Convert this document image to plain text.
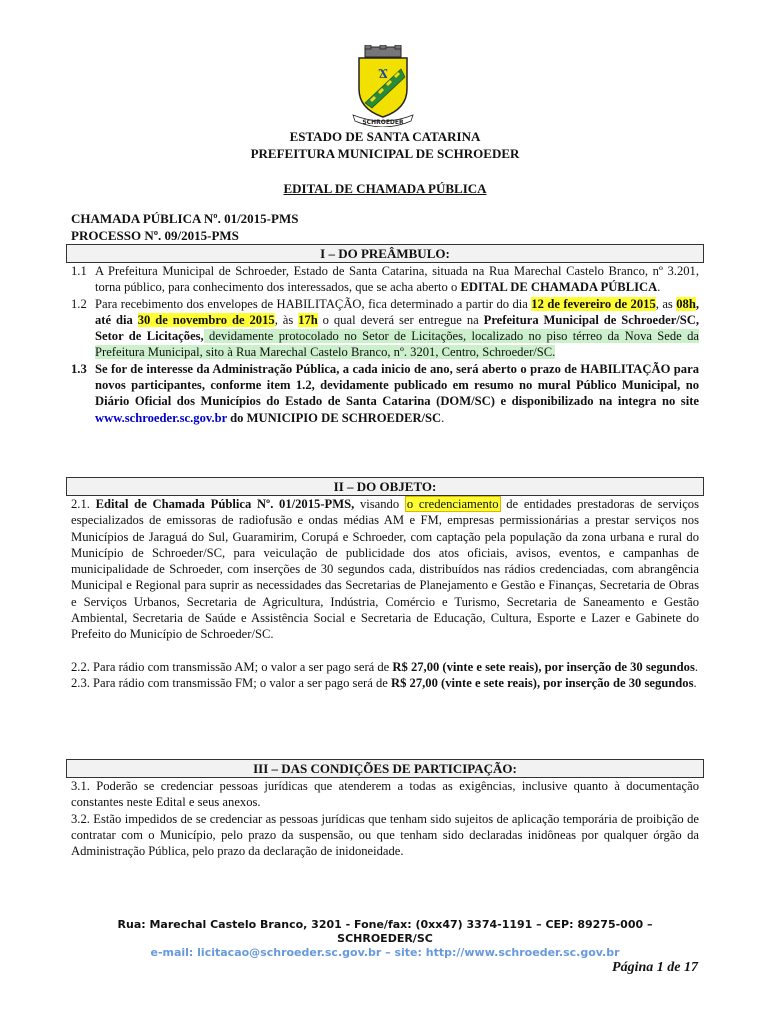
Ϫ
SCHROEDER
ESTADO DE SANTA CATARINA
PREFEITURA MUNICIPAL DE SCHROEDER
EDITAL DE CHAMADA PÚBLICA
CHAMADA PÚBLICA Nº. 01/2015-PMS
PROCESSO Nº. 09/2015-PMS
I – DO PREÂMBULO:
1.1 A Prefeitura Municipal de Schroeder, Estado de Santa Catarina, situada na Rua Marechal Castelo Branco, nº 3.201, torna público, para conhecimento dos interessados, que se acha aberto o EDITAL DE CHAMADA PÚBLICA.
1.2 Para recebimento dos envelopes de HABILITAÇÃO, fica determinado a partir do dia 12 de fevereiro de 2015, as 08h, até dia 30 de novembro de 2015, às 17h o qual deverá ser entregue na Prefeitura Municipal de Schroeder/SC, Setor de Licitações, devidamente protocolado no Setor de Licitações, localizado no piso térreo da Nova Sede da Prefeitura Municipal, sito à Rua Marechal Castelo Branco, nº. 3201, Centro, Schroeder/SC.
1.3 Se for de interesse da Administração Pública, a cada inicio de ano, será aberto o prazo de HABILITAÇÃO para novos participantes, conforme item 1.2, devidamente publicado em resumo no mural Público Municipal, no Diário Oficial dos Municípios do Estado de Santa Catarina (DOM/SC) e disponibilizado na integra no site www.schroeder.sc.gov.br do MUNICIPIO DE SCHROEDER/SC.
II – DO OBJETO:
2.1. Edital de Chamada Pública Nº. 01/2015-PMS, visando o credenciamento de entidades prestadoras de serviços especializados de emissoras de radiofusão e ondas médias AM e FM, empresas permissionárias a prestar serviços nos Municípios de Jaraguá do Sul, Guaramirim, Corupá e Schroeder, com captação pela população da zona urbana e rural do Município de Schroeder/SC, para veiculação de publicidade dos atos oficiais, avisos, eventos, e campanhas de municipalidade de Schroeder, com inserções de 30 segundos cada, distribuídos nas rádios credenciadas, com abrangência Municipal e Regional para suprir as necessidades das Secretarias de Planejamento e Gestão e Finanças, Secretaria de Obras e Serviços Urbanos, Secretaria de Agricultura, Indústria, Comércio e Turismo, Secretaria de Saneamento e Gestão Ambiental, Secretaria de Saúde e Assistência Social e Secretaria de Educação, Cultura, Esporte e Lazer e Gabinete do Prefeito do Município de Schroeder/SC.
2.2. Para rádio com transmissão AM; o valor a ser pago será de R$ 27,00 (vinte e sete reais), por inserção de 30 segundos.
2.3. Para rádio com transmissão FM; o valor a ser pago será de R$ 27,00 (vinte e sete reais), por inserção de 30 segundos.
III – DAS CONDIÇÕES DE PARTICIPAÇÃO:
3.1. Poderão se credenciar pessoas jurídicas que atenderem a todas as exigências, inclusive quanto à documentação constantes neste Edital e seus anexos.
3.2. Estão impedidos de se credenciar as pessoas jurídicas que tenham sido sujeitos de aplicação temporária de proibição de contratar com o Município, pelo prazo da suspensão, ou que tenham sido declaradas inidôneas por qualquer órgão da Administração Pública, pelo prazo da declaração de inidoneidade.
Rua: Marechal Castelo Branco, 3201 - Fone/fax: (0xx47) 3374-1191 – CEP: 89275-000 –
SCHROEDER/SC
e-mail: licitacao@schroeder.sc.gov.br – site: http://www.schroeder.sc.gov.br
Página 1 de 17
